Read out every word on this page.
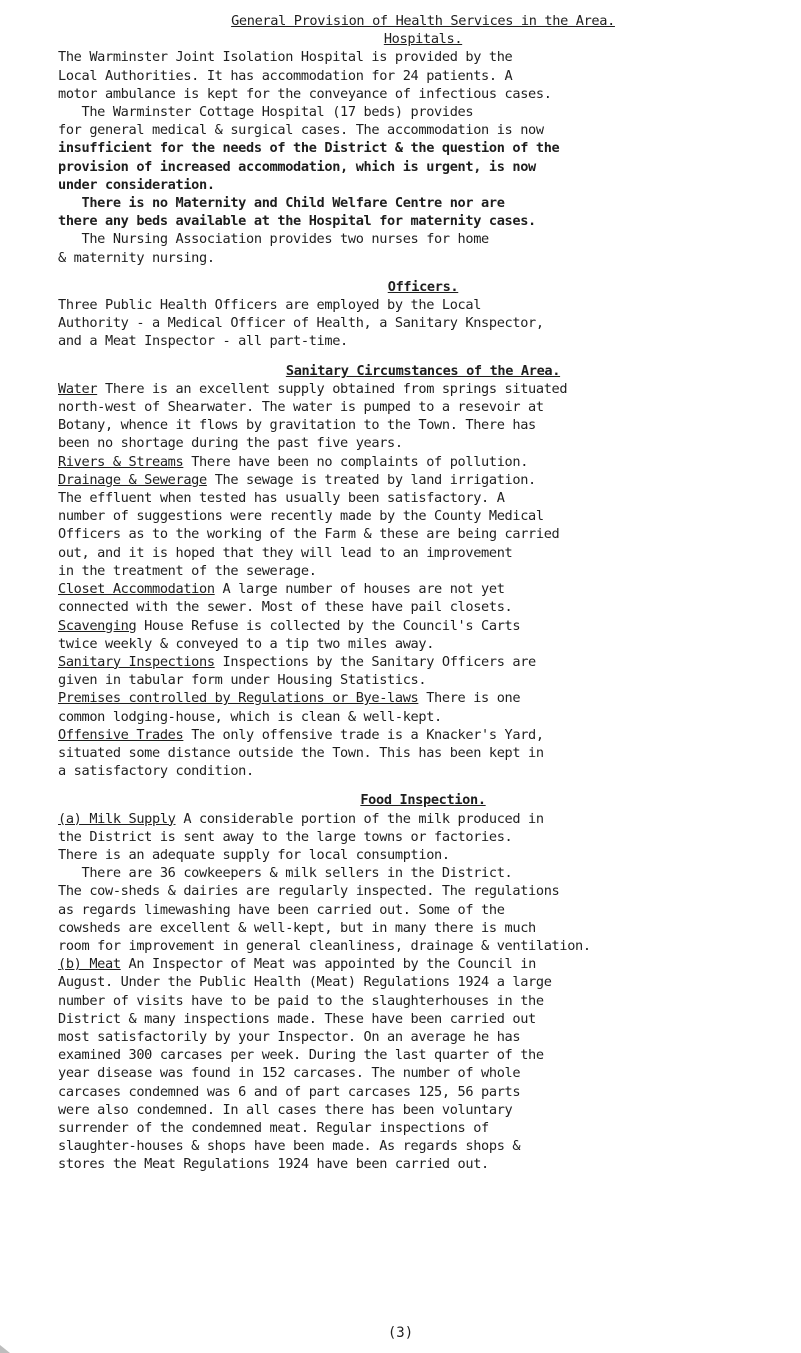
General Provision of Health Services in the Area.
Hospitals.
The Warminster Joint Isolation Hospital is provided by the
Local Authorities. It has accommodation for 24 patients. A
motor ambulance is kept for the conveyance of infectious cases.
The Warminster Cottage Hospital (17 beds) provides
for general medical & surgical cases. The accommodation is now
insufficient for the needs of the District & the question of the
provision of increased accommodation, which is urgent, is now
under consideration.
There is no Maternity and Child Welfare Centre nor are
there any beds available at the Hospital for maternity cases.
The Nursing Association provides two nurses for home
& maternity nursing.
Officers.
Three Public Health Officers are employed by the Local
Authority - a Medical Officer of Health, a Sanitary Knspector,
and a Meat Inspector - all part-time.
Sanitary Circumstances of the Area.
Water There is an excellent supply obtained from springs situated
north-west of Shearwater. The water is pumped to a resevoir at
Botany, whence it flows by gravitation to the Town. There has
been no shortage during the past five years.
Rivers & Streams There have been no complaints of pollution.
Drainage & Sewerage The sewage is treated by land irrigation.
The effluent when tested has usually been satisfactory. A
number of suggestions were recently made by the County Medical
Officers as to the working of the Farm & these are being carried
out, and it is hoped that they will lead to an improvement
in the treatment of the sewerage.
Closet Accommodation A large number of houses are not yet
connected with the sewer. Most of these have pail closets.
Scavenging House Refuse is collected by the Council's Carts
twice weekly & conveyed to a tip two miles away.
Sanitary Inspections Inspections by the Sanitary Officers are
given in tabular form under Housing Statistics.
Premises controlled by Regulations or Bye-laws There is one
common lodging-house, which is clean & well-kept.
Offensive Trades The only offensive trade is a Knacker's Yard,
situated some distance outside the Town. This has been kept in
a satisfactory condition.
Food Inspection.
(a) Milk Supply A considerable portion of the milk produced in
the District is sent away to the large towns or factories.
There is an adequate supply for local consumption.
There are 36 cowkeepers & milk sellers in the District.
The cow-sheds & dairies are regularly inspected. The regulations
as regards limewashing have been carried out. Some of the
cowsheds are excellent & well-kept, but in many there is much
room for improvement in general cleanliness, drainage & ventilation.
(b) Meat An Inspector of Meat was appointed by the Council in
August. Under the Public Health (Meat) Regulations 1924 a large
number of visits have to be paid to the slaughterhouses in the
District & many inspections made. These have been carried out
most satisfactorily by your Inspector. On an average he has
examined 300 carcases per week. During the last quarter of the
year disease was found in 152 carcases. The number of whole
carcases condemned was 6 and of part carcases 125, 56 parts
were also condemned. In all cases there has been voluntary
surrender of the condemned meat. Regular inspections of
slaughter-houses & shops have been made. As regards shops &
stores the Meat Regulations 1924 have been carried out.
(3)
